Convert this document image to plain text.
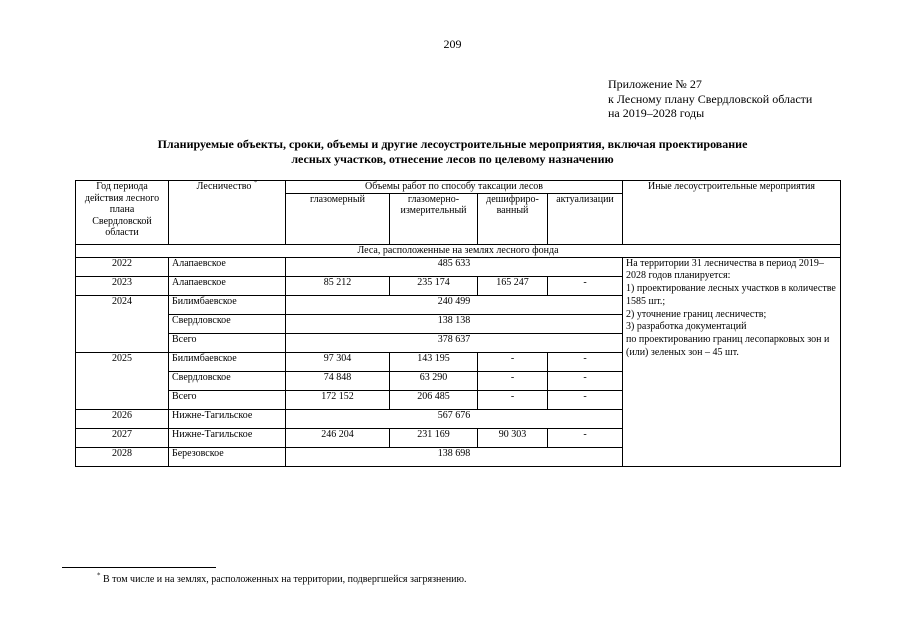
209
Приложение № 27
к Лесному плану Свердловской области
на 2019–2028 годы
Планируемые объекты, сроки, объемы и другие лесоустроительные мероприятия, включая проектирование
лесных участков, отнесение лесов по целевому назначению
Год периода действия лесного плана Свердловской области	Лесничество *	Объемы работ по способу таксации лесов				Иные лесоустроительные мероприятия
		глазомерный	глазомерно-измерительный	дешифриро-ванный	актуализации	
Леса, расположенные на землях лесного фонда						
2022	Алапаевское	485 633				На территории 31 лесничества в период 2019–2028 годов планируется:
1) проектирование лесных участков в количестве 1585 шт.;
2) уточнение границ лесничеств;
3) разработка документаций
по проектированию границ лесопарковых зон и (или) зеленых зон – 45 шт.

2023	Алапаевское	85 212	235 174	165 247	-	
2024	Билимбаевское	240 499				
	Свердловское	138 138				
	Всего	378 637				
2025	Билимбаевское	97 304	143 195	-	-	
	Свердловское	74 848	63 290	-	-	
	Всего	172 152	206 485	-	-	
2026	Нижне-Тагильское	567 676				
2027	Нижне-Тагильское	246 204	231 169	90 303	-	
2028	Березовское	138 698				
* В том числе и на землях, расположенных на территории, подвергшейся загрязнению.
